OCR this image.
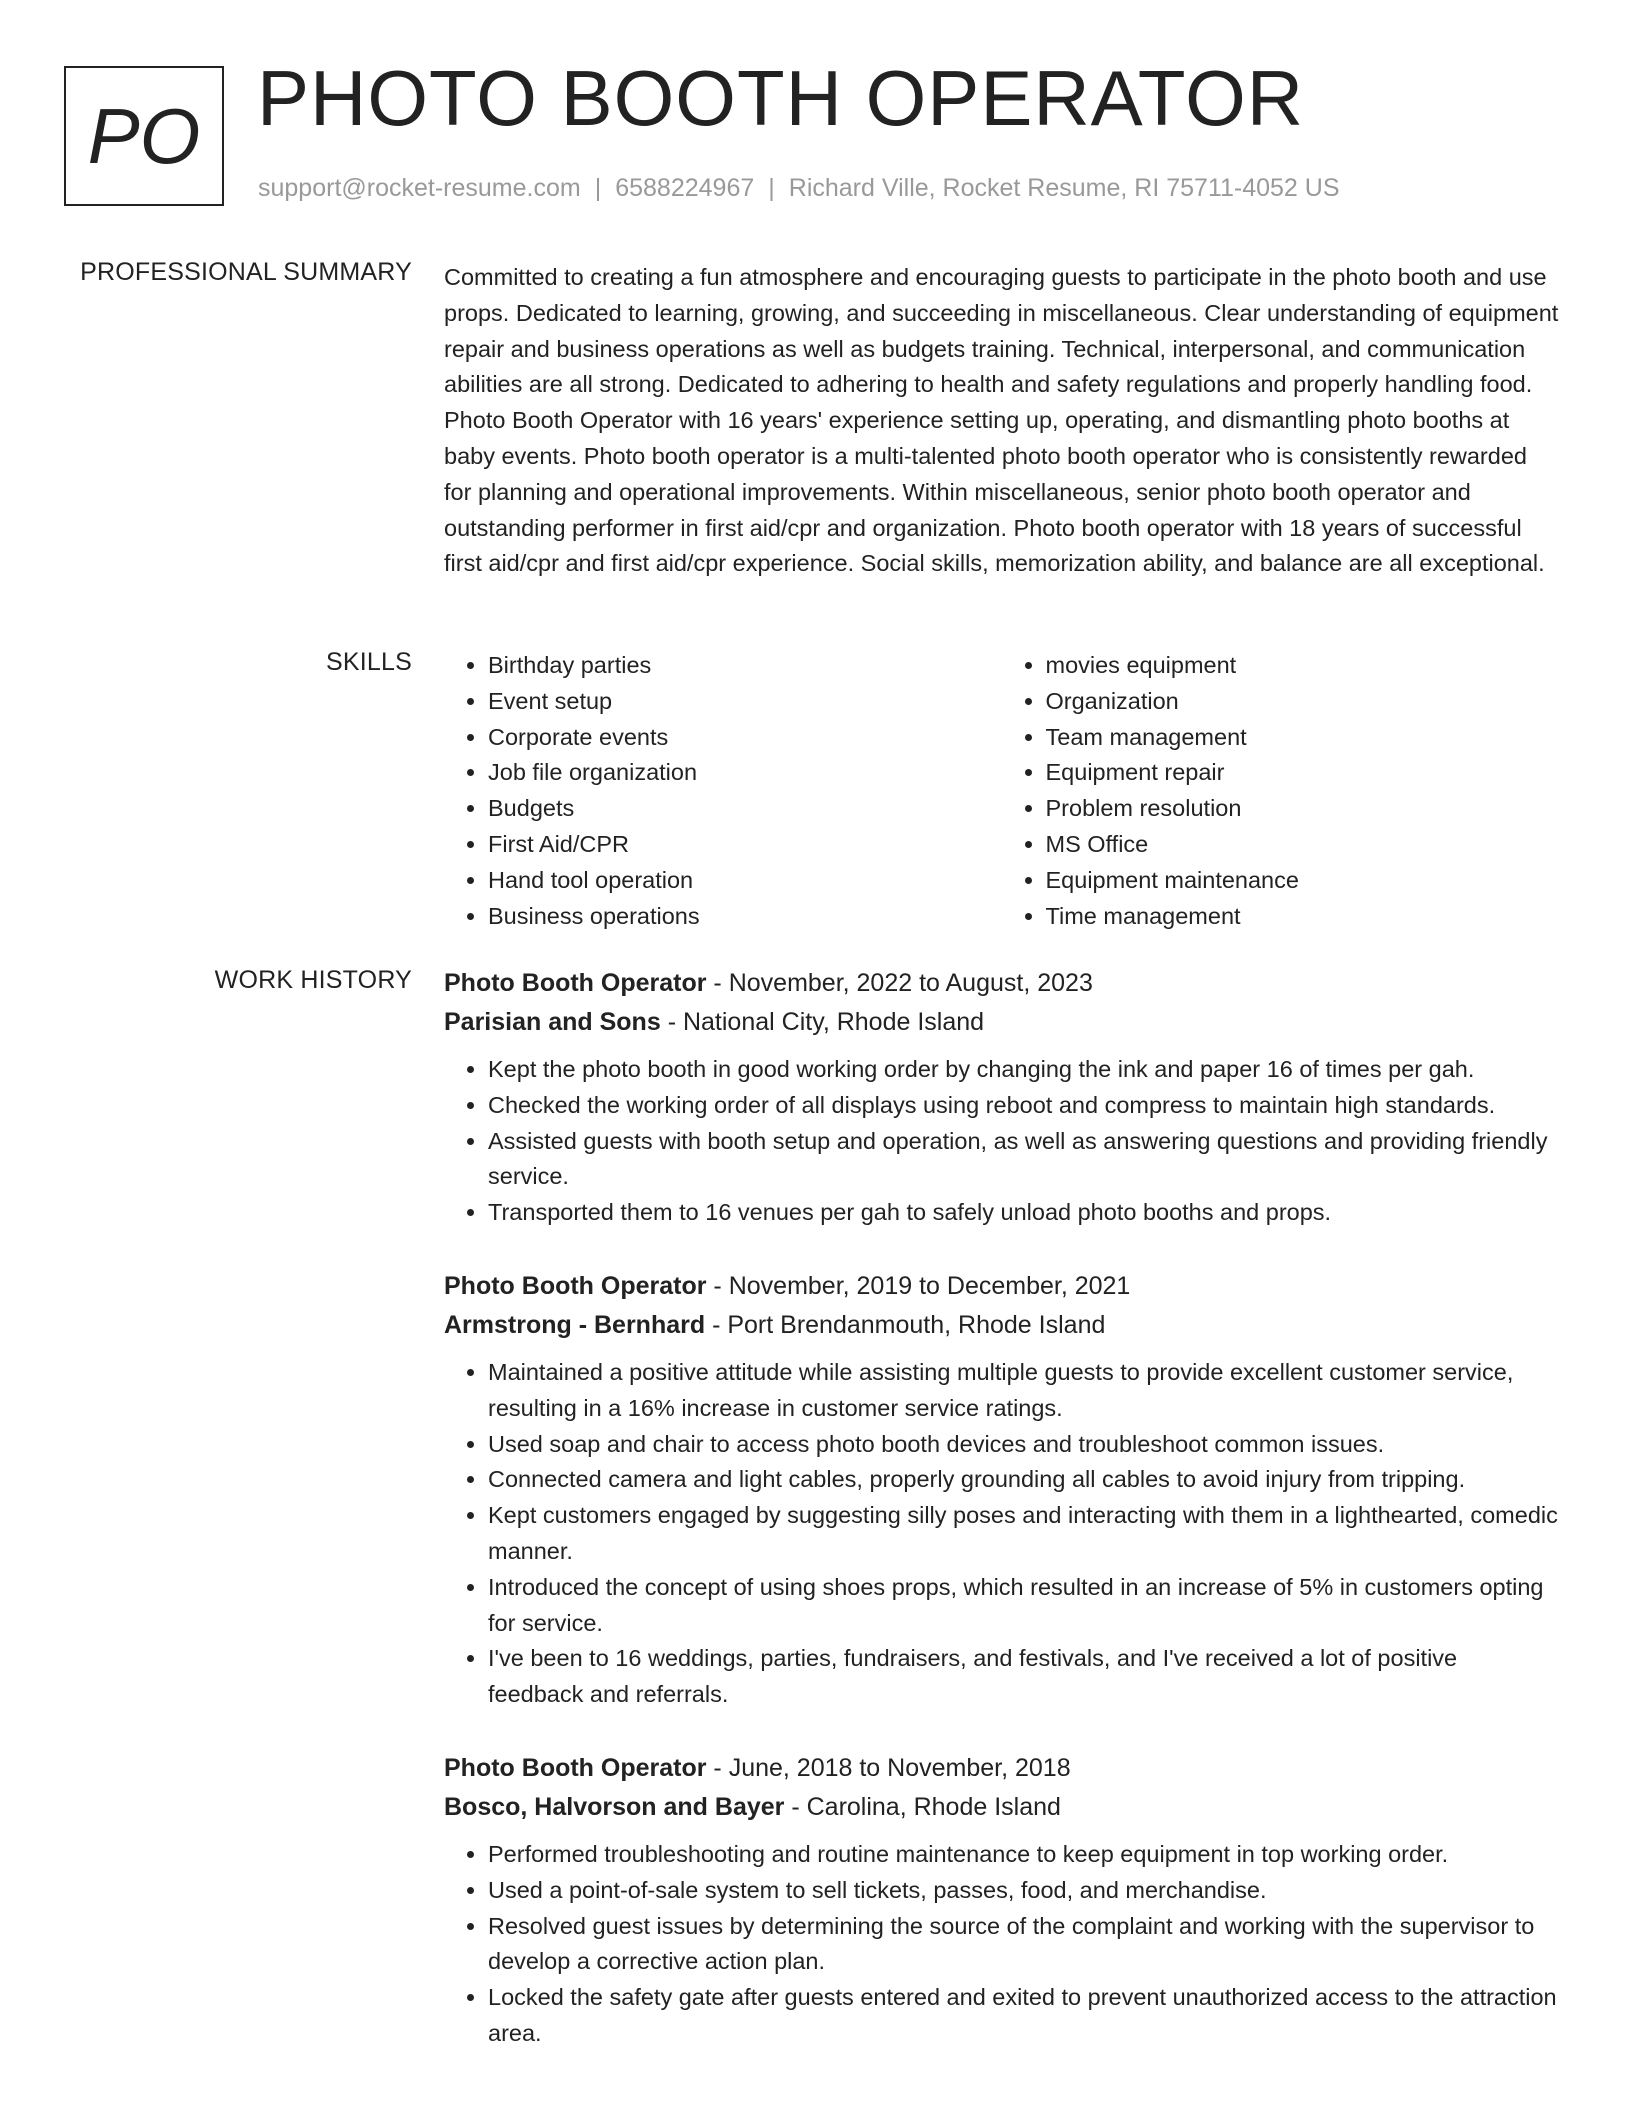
PO PHOTO BOOTH OPERATOR
support@rocket-resume.com | 6588224967 | Richard Ville, Rocket Resume, RI 75711-4052 US
PROFESSIONAL SUMMARY Committed to creating a fun atmosphere and encouraging guests to participate in the photo booth and use props. Dedicated to learning, growing, and succeeding in miscellaneous. Clear understanding of equipment repair and business operations as well as budgets training. Technical, interpersonal, and communication abilities are all strong. Dedicated to adhering to health and safety regulations and properly handling food. Photo Booth Operator with 16 years' experience setting up, operating, and dismantling photo booths at baby events. Photo booth operator is a multi-talented photo booth operator who is consistently rewarded for planning and operational improvements. Within miscellaneous, senior photo booth operator and outstanding performer in first aid/cpr and organization. Photo booth operator with 18 years of successful first aid/cpr and first aid/cpr experience. Social skills, memorization ability, and balance are all exceptional.

SKILLS
•	Birthday parties
• Event setup
• Corporate events
• Job file organization
• Budgets
• First Aid/CPR
• Hand tool operation
• Business operations
• movies equipment
• Organization
• Team management
• Equipment repair
• Problem resolution
• MS Office
• Equipment maintenance
• Time management
WORK HISTORY Photo Booth Operator - November, 2022 to August, 2023
Parisian and Sons - National City, Rhode Island
• Kept the photo booth in good working order by changing the ink and paper 16 of times per gah.
• Checked the working order of all displays using reboot and compress to maintain high standards.
• Assisted guests with booth setup and operation, as well as answering questions and providing friendly service.
• Transported them to 16 venues per gah to safely unload photo booths and props.
Photo Booth Operator - November, 2019 to December, 2021
Armstrong - Bernhard - Port Brendanmouth, Rhode Island
• Maintained a positive attitude while assisting multiple guests to provide excellent customer service, resulting in a 16% increase in customer service ratings.
• Used soap and chair to access photo booth devices and troubleshoot common issues.
• Connected camera and light cables, properly grounding all cables to avoid injury from tripping.
• Kept customers engaged by suggesting silly poses and interacting with them in a lighthearted, comedic manner.
• Introduced the concept of using shoes props, which resulted in an increase of 5% in customers opting for service.
• I've been to 16 weddings, parties, fundraisers, and festivals, and I've received a lot of positive feedback and referrals.
Photo Booth Operator - June, 2018 to November, 2018
Bosco, Halvorson and Bayer - Carolina, Rhode Island
• Performed troubleshooting and routine maintenance to keep equipment in top working order.
• Used a point-of-sale system to sell tickets, passes, food, and merchandise.
• Resolved guest issues by determining the source of the complaint and working with the supervisor to develop a corrective action plan.
• Locked the safety gate after guests entered and exited to prevent unauthorized access to the attraction area.
